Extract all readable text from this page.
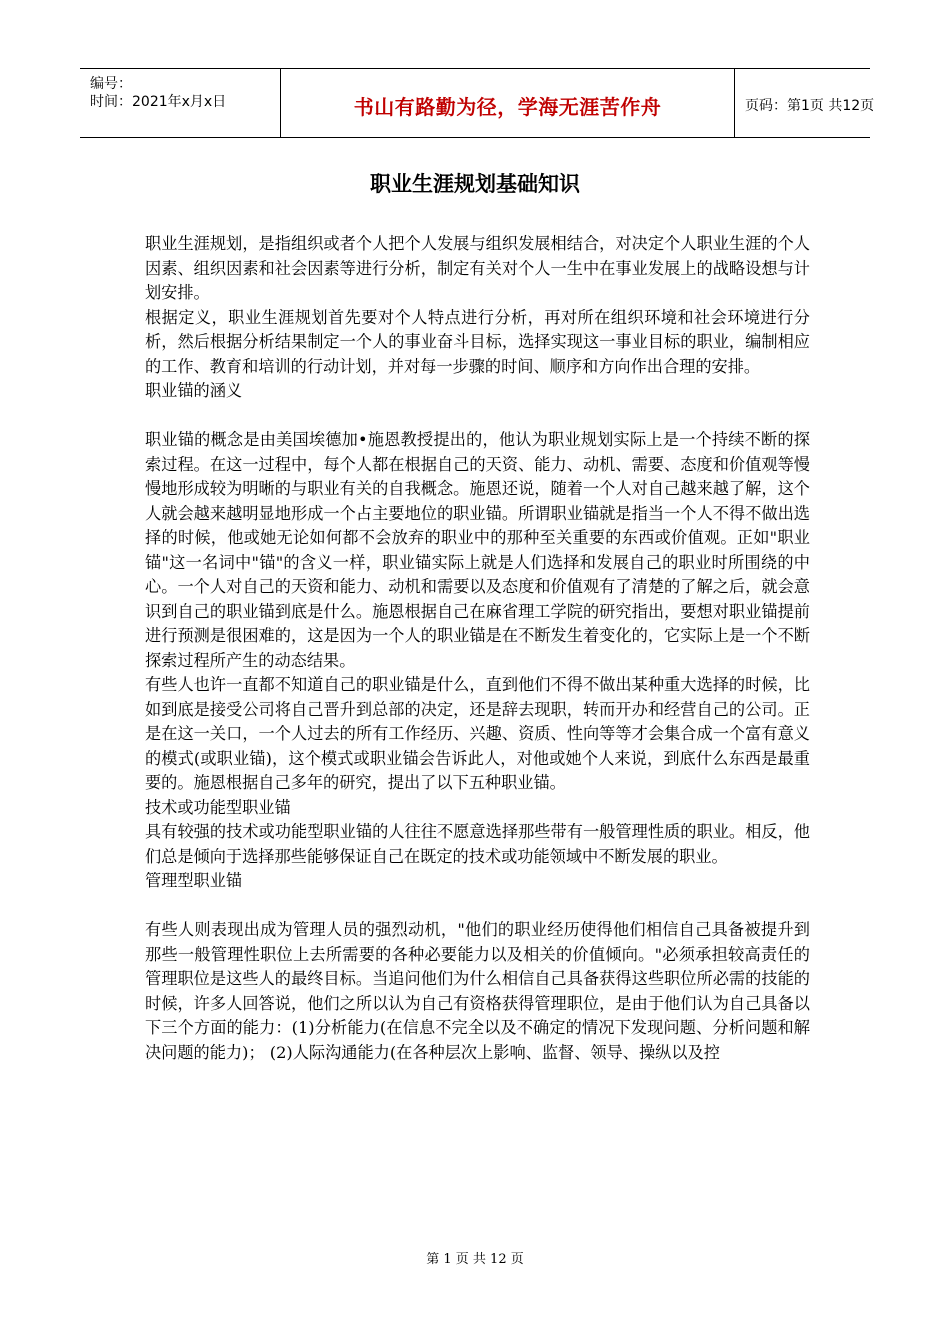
编号：
时间：2021年x月x日	书山有路勤为径，学海无涯苦作舟	页码：第1页 共12页
职业生涯规划基础知识

职业生涯规划，是指组织或者个人把个人发展与组织发展相结合，对决定个人职业生涯的个人因素、组织因素和社会因素等进行分析，制定有关对个人一生中在事业发展上的战略设想与计划安排。

根据定义，职业生涯规划首先要对个人特点进行分析，再对所在组织环境和社会环境进行分析，然后根据分析结果制定一个人的事业奋斗目标，选择实现这一事业目标的职业，编制相应的工作、教育和培训的行动计划，并对每一步骤的时间、顺序和方向作出合理的安排。

职业锚的涵义

职业锚的概念是由美国埃德加•施恩教授提出的，他认为职业规划实际上是一个持续不断的探索过程。在这一过程中，每个人都在根据自己的天资、能力、动机、需要、态度和价值观等慢慢地形成较为明晰的与职业有关的自我概念。施恩还说，随着一个人对自己越来越了解，这个人就会越来越明显地形成一个占主要地位的职业锚。所谓职业锚就是指当一个人不得不做出选择的时候，他或她无论如何都不会放弃的职业中的那种至关重要的东西或价值观。正如"职业锚"这一名词中"锚"的含义一样，职业锚实际上就是人们选择和发展自己的职业时所围绕的中心。一个人对自己的天资和能力、动机和需要以及态度和价值观有了清楚的了解之后，就会意识到自己的职业锚到底是什么。施恩根据自己在麻省理工学院的研究指出，要想对职业锚提前进行预测是很困难的，这是因为一个人的职业锚是在不断发生着变化的，它实际上是一个不断探索过程所产生的动态结果。

有些人也许一直都不知道自己的职业锚是什么，直到他们不得不做出某种重大选择的时候，比如到底是接受公司将自己晋升到总部的决定，还是辞去现职，转而开办和经营自己的公司。正是在这一关口，一个人过去的所有工作经历、兴趣、资质、性向等等才会集合成一个富有意义的模式(或职业锚)，这个模式或职业锚会告诉此人，对他或她个人来说，到底什么东西是最重要的。施恩根据自己多年的研究，提出了以下五种职业锚。

技术或功能型职业锚

具有较强的技术或功能型职业锚的人往往不愿意选择那些带有一般管理性质的职业。相反，他们总是倾向于选择那些能够保证自己在既定的技术或功能领域中不断发展的职业。

管理型职业锚

有些人则表现出成为管理人员的强烈动机，"他们的职业经历使得他们相信自己具备被提升到那些一般管理性职位上去所需要的各种必要能力以及相关的价值倾向。"必须承担较高责任的管理职位是这些人的最终目标。当追问他们为什么相信自己具备获得这些职位所必需的技能的时候，许多人回答说，他们之所以认为自己有资格获得管理职位，是由于他们认为自己具备以下三个方面的能力：(1)分析能力(在信息不完全以及不确定的情况下发现问题、分析问题和解决问题的能力)； (2)人际沟通能力(在各种层次上影响、监督、领导、操纵以及控

第 1 页 共 12 页
